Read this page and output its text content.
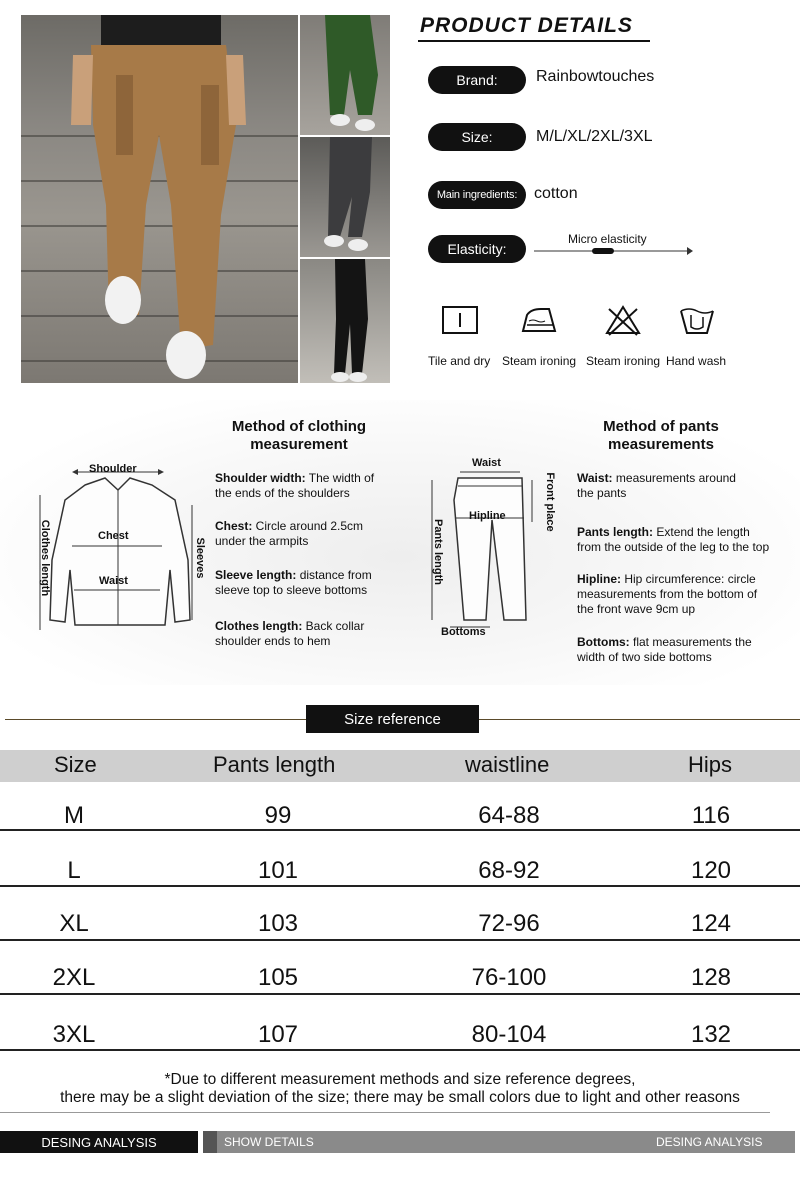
PRODUCT DETAILS
Brand:	Rainbowtouches
Size:	M/L/XL/2XL/3XL
Main ingredients:	cotton
Elasticity:
Micro elasticity
Tile and dry Steam ironing Steam ironing Hand wash
Shoulder
Chest
Waist
Clothes length	Sleeves
Method of clothing measurement
Shoulder width: The width of the ends of the shoulders
Chest: Circle around 2.5cm under the armpits
Sleeve length: distance from sleeve top to sleeve bottoms
Clothes length: Back collar shoulder ends to hem
Waist
Hipline	Front place
Pants length
Bottoms
Method of pants measurements
Waist: measurements around the pants
Pants length: Extend the length from the outside of the leg to the top
Hipline: Hip circumference: circle measurements from the bottom of the front wave 9cm up
Bottoms: flat measurements the width of two side bottoms
Size reference
Size	Pants length	waistline	Hips
M	99	64-88	116
L	101	68-92	120
XL	103	72-96	124
2XL	105	76-100	128
3XL	107	80-104	132
*Due to different measurement methods and size reference degrees,
there may be a slight deviation of the size; there may be small colors due to light and other reasons
DESING ANALYSIS	SHOW DETAILS	DESING ANALYSIS
